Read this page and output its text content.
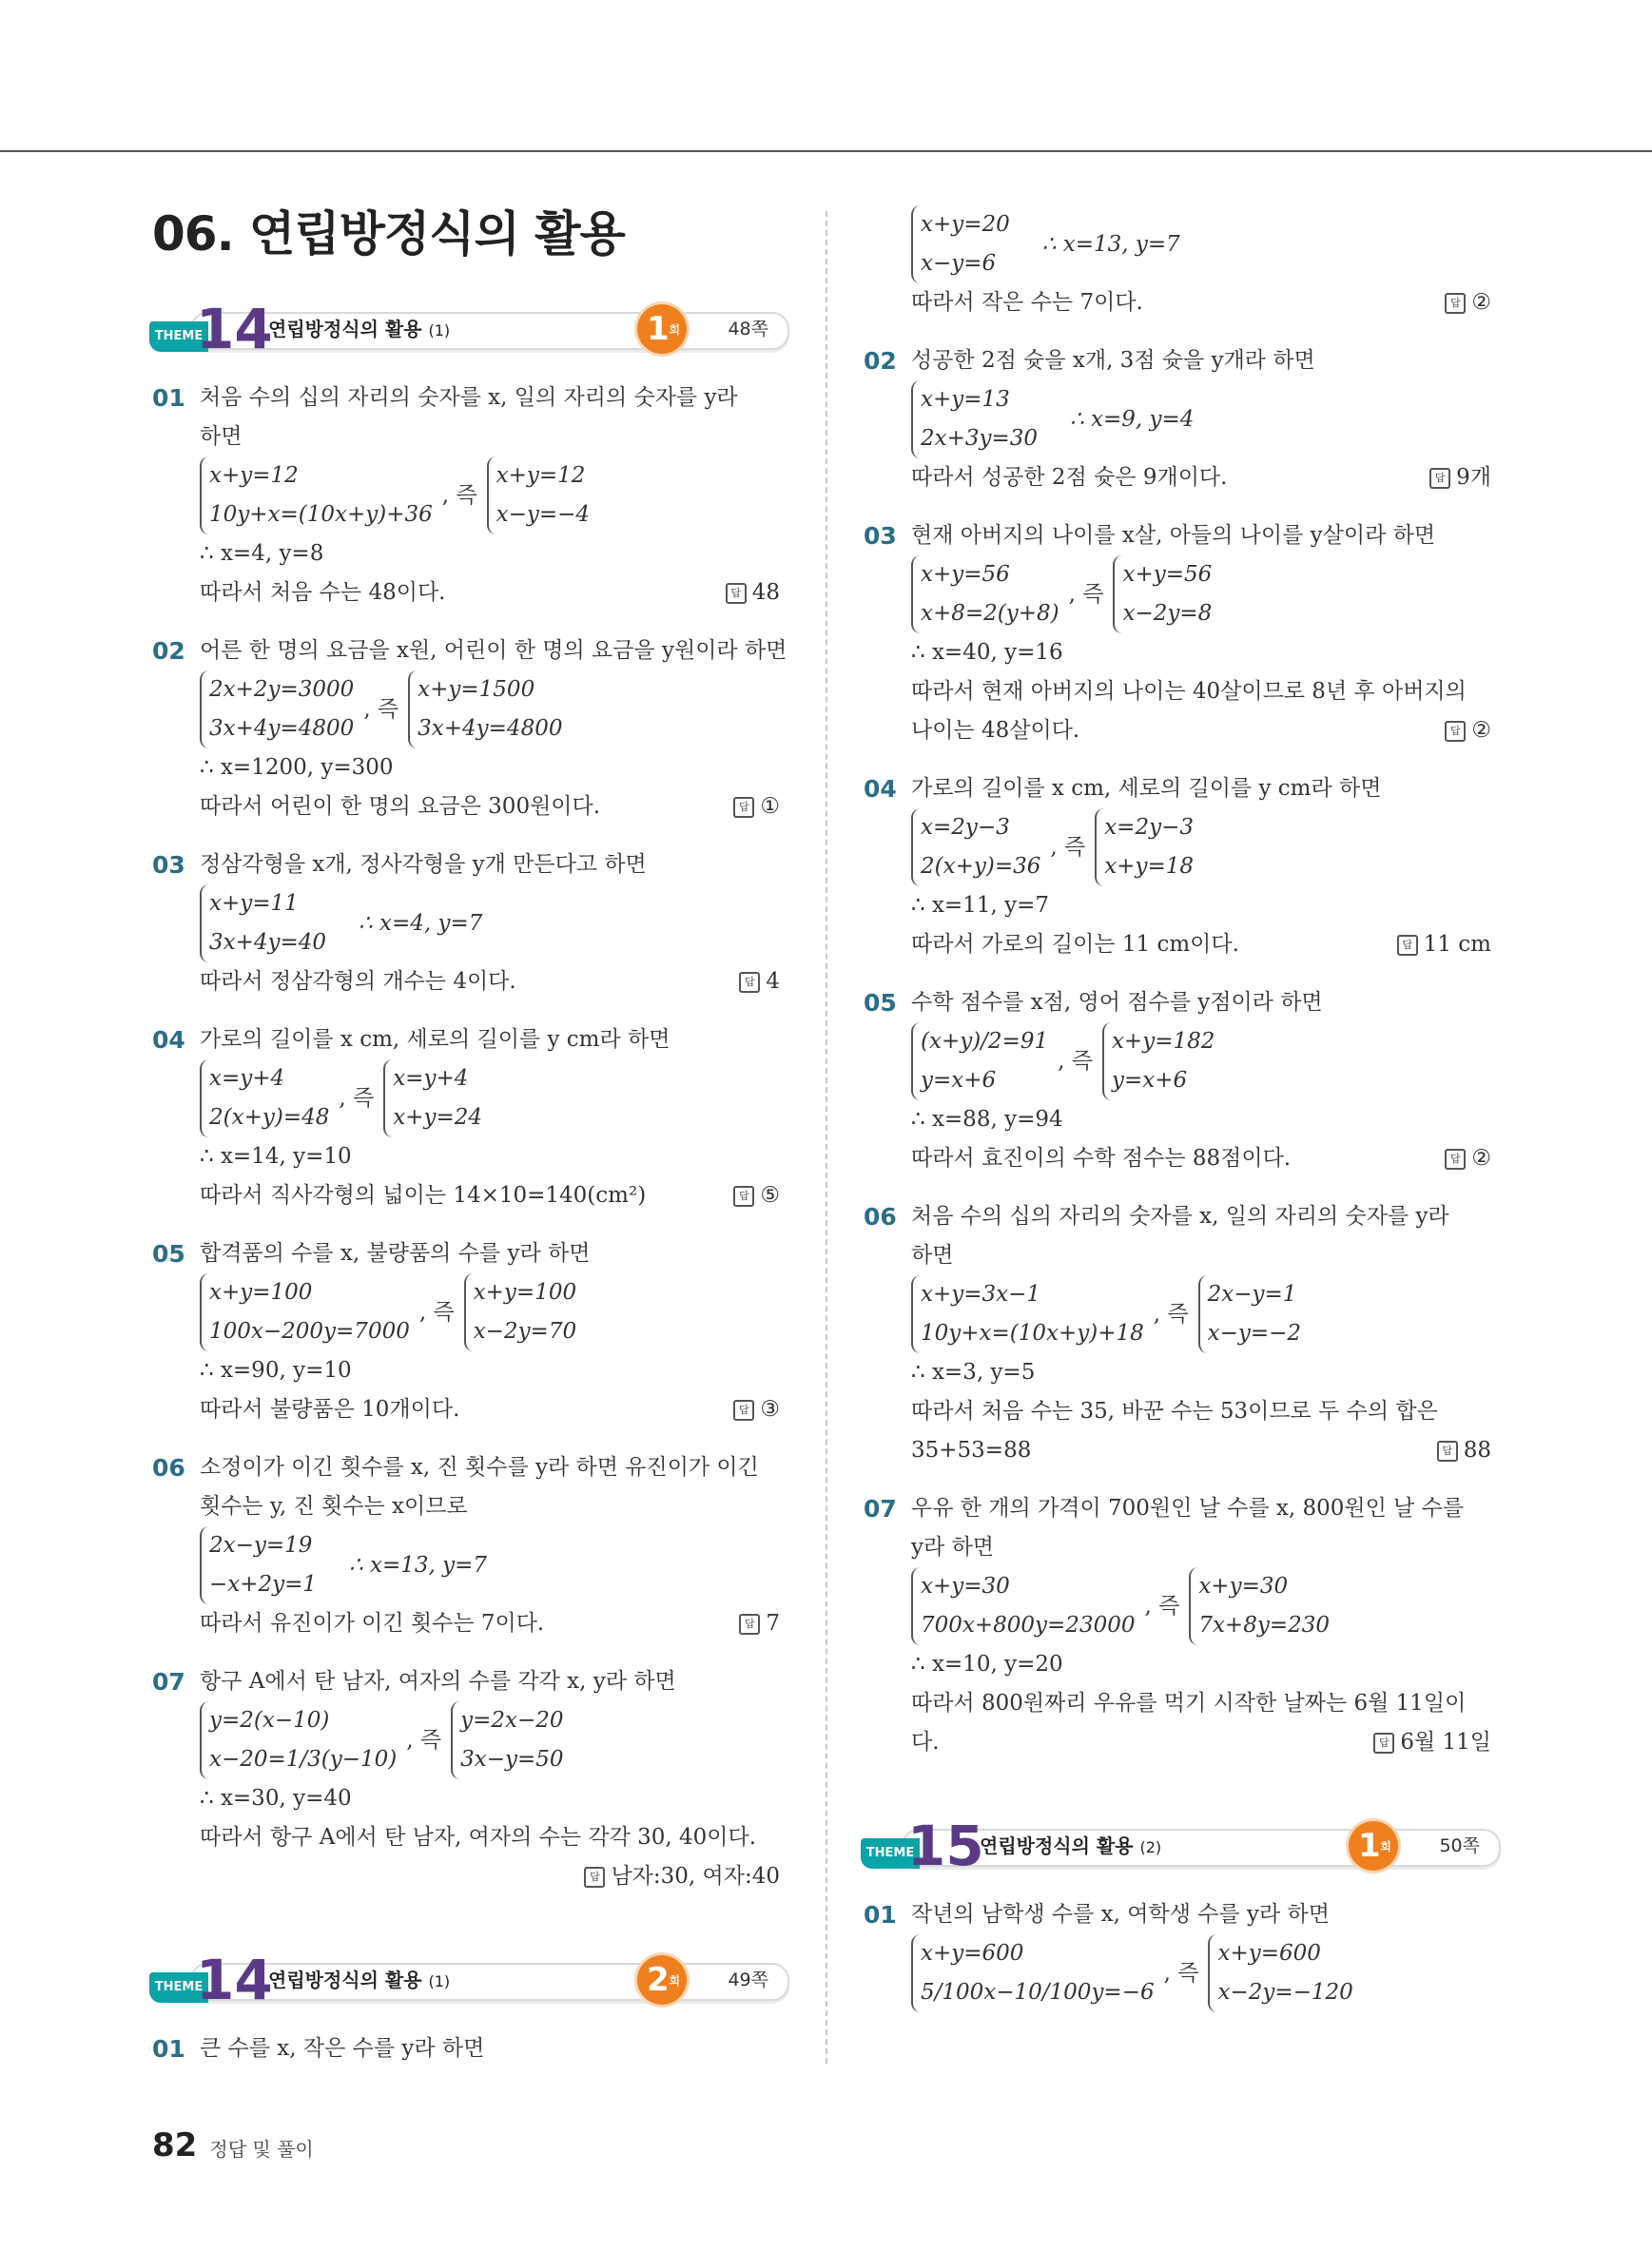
06. 연립방정식의 활용
THEME
14
연립방정식의 활용 (1)	1 회	48쪽
01 처음 수의 십의 자리의 숫자를 x, 일의 자리의 숫자를 y라
하면
x+y=12
10y+x=(10x+y)+36
, 즉
x+y=12
x−y=−4
∴ x=4, y=8
따라서 처음 수는 48이다.	답 48
02 어른 한 명의 요금을 x원, 어린이 한 명의 요금을 y원이라 하면
2x+2y=3000
3x+4y=4800
, 즉
x+y=1500
3x+4y=4800
∴ x=1200, y=300
따라서 어린이 한 명의 요금은 300원이다.	답 ①
03 정삼각형을 x개, 정사각형을 y개 만든다고 하면
x+y=11
3x+4y=40
∴ x=4, y=7
따라서 정삼각형의 개수는 4이다.	답 4
04 가로의 길이를 x cm, 세로의 길이를 y cm라 하면
x=y+4
2(x+y)=48
, 즉
x=y+4
x+y=24
∴ x=14, y=10
따라서 직사각형의 넓이는 14×10=140(cm²)	답 ⑤
05 합격품의 수를 x, 불량품의 수를 y라 하면
x+y=100
100x−200y=7000
, 즉
x+y=100
x−2y=70
∴ x=90, y=10
따라서 불량품은 10개이다.	답 ③
06 소정이가 이긴 횟수를 x, 진 횟수를 y라 하면 유진이가 이긴
횟수는 y, 진 횟수는 x이므로
2x−y=19
−x+2y=1
∴ x=13, y=7
따라서 유진이가 이긴 횟수는 7이다.	답 7
07 항구 A에서 탄 남자, 여자의 수를 각각 x, y라 하면
y=2(x−10)
x−20=1/3(y−10)
, 즉
y=2x−20
3x−y=50
∴ x=30, y=40
따라서 항구 A에서 탄 남자, 여자의 수는 각각 30, 40이다.
답 남자:30, 여자:40
THEME
14
연립방정식의 활용 (1)	2 회	49쪽
01 큰 수를 x, 작은 수를 y라 하면
x+y=20
x−y=6
∴ x=13, y=7
따라서 작은 수는 7이다.	답 ②
02 성공한 2점 슛을 x개, 3점 슛을 y개라 하면
x+y=13
2x+3y=30
∴ x=9, y=4
따라서 성공한 2점 슛은 9개이다.	답 9개
03 현재 아버지의 나이를 x살, 아들의 나이를 y살이라 하면
x+y=56
x+8=2(y+8)
, 즉
x+y=56
x−2y=8
∴ x=40, y=16
따라서 현재 아버지의 나이는 40살이므로 8년 후 아버지의
나이는 48살이다.	답 ②
04 가로의 길이를 x cm, 세로의 길이를 y cm라 하면
x=2y−3
2(x+y)=36
, 즉
x=2y−3
x+y=18
∴ x=11, y=7
따라서 가로의 길이는 11 cm이다.	답 11 cm
05 수학 점수를 x점, 영어 점수를 y점이라 하면
(x+y)/2=91
y=x+6
, 즉
x+y=182
y=x+6
∴ x=88, y=94
따라서 효진이의 수학 점수는 88점이다.	답 ②
06 처음 수의 십의 자리의 숫자를 x, 일의 자리의 숫자를 y라
하면
x+y=3x−1
10y+x=(10x+y)+18
, 즉
2x−y=1
x−y=−2
∴ x=3, y=5
따라서 처음 수는 35, 바꾼 수는 53이므로 두 수의 합은
35+53=88	답 88
07 우유 한 개의 가격이 700원인 날 수를 x, 800원인 날 수를
y라 하면
x+y=30
700x+800y=23000
, 즉
x+y=30
7x+8y=230
∴ x=10, y=20
따라서 800원짜리 우유를 먹기 시작한 날짜는 6월 11일이
다.	답 6월 11일
THEME
15
연립방정식의 활용 (2)	1 회	50쪽
01 작년의 남학생 수를 x, 여학생 수를 y라 하면
x+y=600
5/100x−10/100y=−6
, 즉
x+y=600
x−2y=−120
82 정답 및 풀이
